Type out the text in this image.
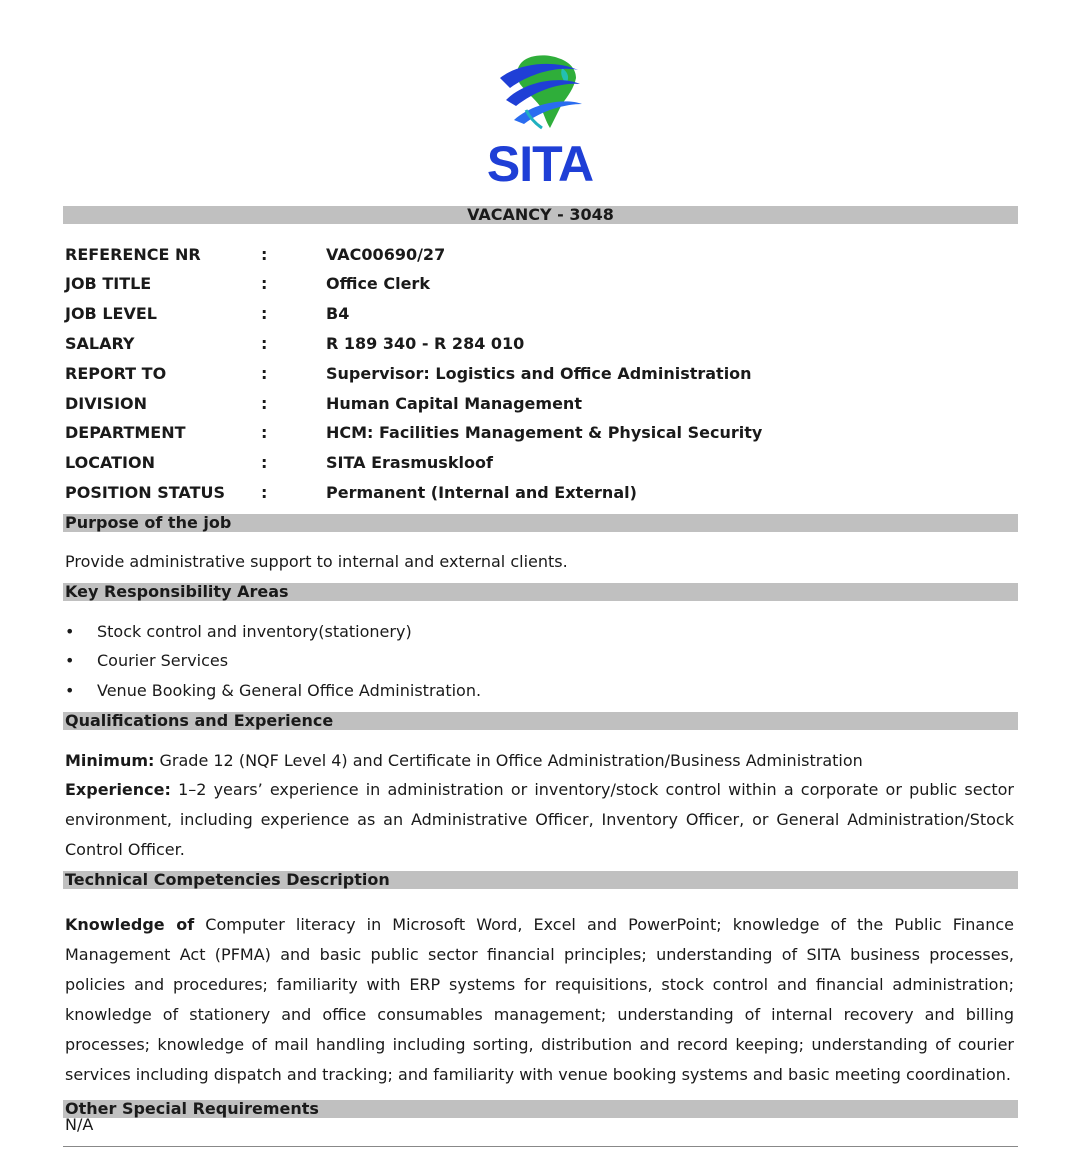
SITA
VACANCY - 3048
REFERENCE NR	:	VAC00690/27
JOB TITLE	:	Office Clerk
JOB LEVEL	:	B4
SALARY	:	R 189 340 - R 284 010
REPORT TO	:	Supervisor: Logistics and Office Administration
DIVISION	:	Human Capital Management
DEPARTMENT	:	HCM: Facilities Management & Physical Security
LOCATION	:	SITA Erasmuskloof
POSITION STATUS	:	Permanent (Internal and External)
Purpose of the job
Provide administrative support to internal and external clients.
Key Responsibility Areas
• Stock control and inventory(stationery)
• Courier Services
• Venue Booking & General Office Administration.
Qualifications and Experience
Minimum: Grade 12 (NQF Level 4) and Certificate in Office Administration/Business Administration
Experience: 1–2 years’ experience in administration or inventory/stock control within a corporate or public sector environment, including experience as an Administrative Officer, Inventory Officer, or General Administration/Stock Control Officer.
Technical Competencies Description
Knowledge of Computer literacy in Microsoft Word, Excel and PowerPoint; knowledge of the Public Finance Management Act (PFMA) and basic public sector financial principles; understanding of SITA business processes, policies and procedures; familiarity with ERP systems for requisitions, stock control and financial administration; knowledge of stationery and office consumables management; understanding of internal recovery and billing processes; knowledge of mail handling including sorting, distribution and record keeping; understanding of courier services including dispatch and tracking; and familiarity with venue booking systems and basic meeting coordination.
Other Special Requirements
N/A
